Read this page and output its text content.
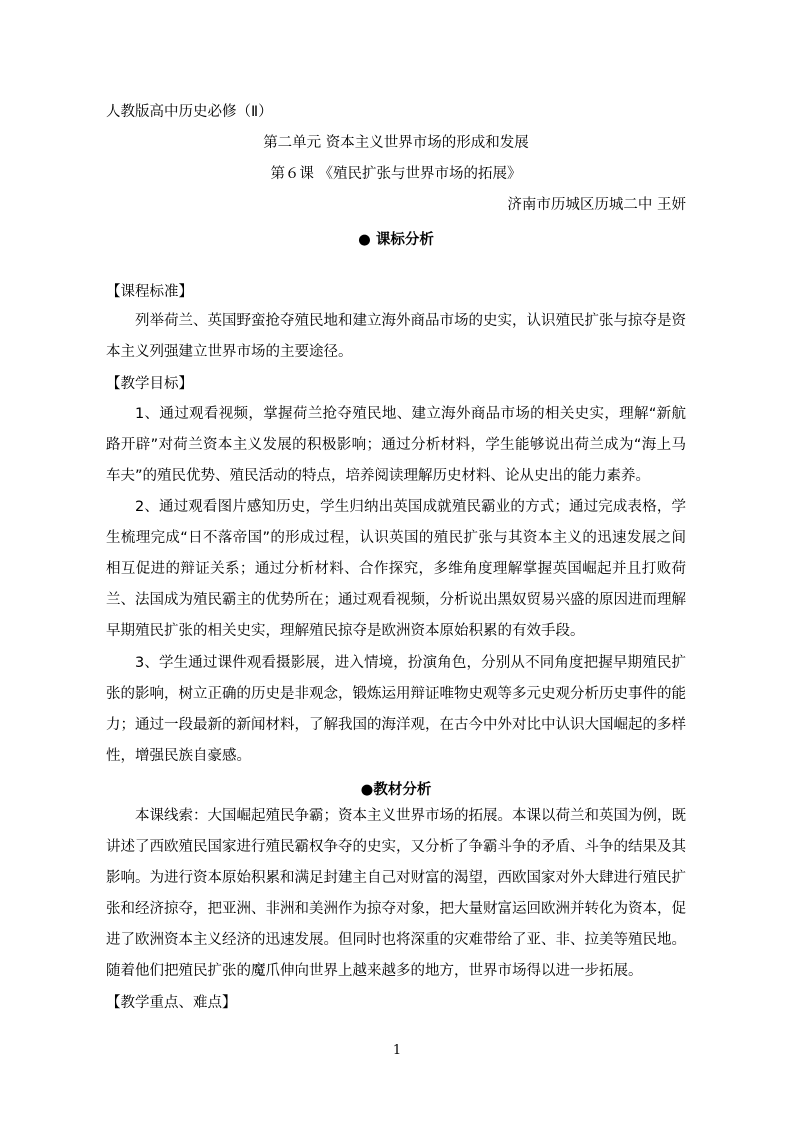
人教版高中历史必修（Ⅱ）

第二单元 资本主义世界市场的形成和发展

第６课 《殖民扩张与世界市场的拓展》

济南市历城区历城二中 王妍

● 课标分析

【课程标准】

列举荷兰、英国野蛮抢夺殖民地和建立海外商品市场的史实，认识殖民扩张与掠夺是资本主义列强建立世界市场的主要途径。

【教学目标】

1、通过观看视频，掌握荷兰抢夺殖民地、建立海外商品市场的相关史实，理解“新航路开辟”对荷兰资本主义发展的积极影响；通过分析材料，学生能够说出荷兰成为“海上马车夫”的殖民优势、殖民活动的特点，培养阅读理解历史材料、论从史出的能力素养。

2、通过观看图片感知历史，学生归纳出英国成就殖民霸业的方式；通过完成表格，学生梳理完成“日不落帝国”的形成过程，认识英国的殖民扩张与其资本主义的迅速发展之间相互促进的辩证关系；通过分析材料、合作探究，多维角度理解掌握英国崛起并且打败荷兰、法国成为殖民霸主的优势所在；通过观看视频，分析说出黑奴贸易兴盛的原因进而理解早期殖民扩张的相关史实，理解殖民掠夺是欧洲资本原始积累的有效手段。

3、学生通过课件观看摄影展，进入情境，扮演角色，分别从不同角度把握早期殖民扩张的影响，树立正确的历史是非观念，锻炼运用辩证唯物史观等多元史观分析历史事件的能力；通过一段最新的新闻材料，了解我国的海洋观，在古今中外对比中认识大国崛起的多样性，增强民族自豪感。

●教材分析

本课线索：大国崛起殖民争霸；资本主义世界市场的拓展。本课以荷兰和英国为例，既讲述了西欧殖民国家进行殖民霸权争夺的史实，又分析了争霸斗争的矛盾、斗争的结果及其影响。为进行资本原始积累和满足封建主自己对财富的渴望，西欧国家对外大肆进行殖民扩张和经济掠夺，把亚洲、非洲和美洲作为掠夺对象，把大量财富运回欧洲并转化为资本，促进了欧洲资本主义经济的迅速发展。但同时也将深重的灾难带给了亚、非、拉美等殖民地。随着他们把殖民扩张的魔爪伸向世界上越来越多的地方，世界市场得以进一步拓展。

【教学重点、难点】

1
